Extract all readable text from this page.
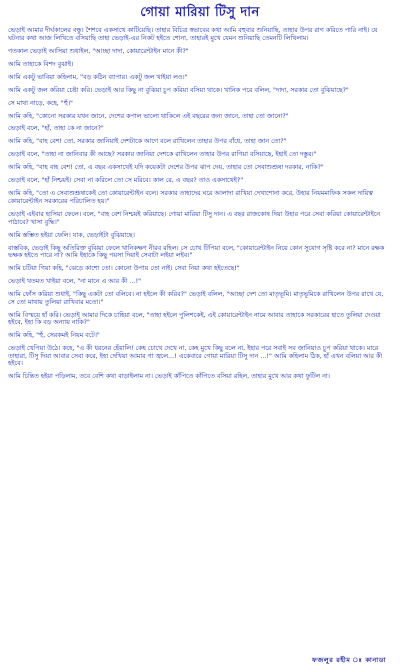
গোয়া মারিয়া টিসু দান

ভেড়াই আমার দীর্ঘকালের বন্ধু। শৈশবে একসাথে কাটিয়েছি। তাহার বিচিত্র স্বভাবের কথা আমি বহুবার শুনিয়াছি, তাহার উপর রাগ করিতে পারি নাই। যে ঘটনার কথা আজ লিখিতে বসিয়াছি তাহা ভেড়াই-এর নিকট হইতে শোনা, তাহারই মুখে যেমন শুনিয়াছি তেমনটি লিখিলাম।

গতকাল ভেড়াই আসিয়া শুধাইল, "আচ্ছা দাদা, কোয়ারেন্টাইন মানে কী?"

আমি তাহাকে বিশদ বুঝাই।

আমি একটু ভাবিয়া কহিলাম, "বড় কঠিন ব্যাপার। একটু জল খাইয়া লও।"

আমি একটু জল করিয়া চেষ্টা করি। ভেড়াই আর কিছু না বুঝিয়া চুপ করিয়া বসিয়া থাকে। খানিক পরে বলিল, "দাদা, সরকার তো বুঝিয়াছে?"

সে মাথা নাড়ে, কহে, "হুঁ।"

আমি কহি, "কোনো সরকার যখন জানে, দেশের কপাল ভালো থাকিলে এই বছরের জন্য জানে, তাহা তো জানো?"

ভেড়াই বলে, "হাঁ, তাহা কে না জানে?"

আমি কহি, "বাহ বেশ! তো, সরকার জানিয়াই দেশটাকে আগে বলে রাখিলেন তাহার উপর বাঁধে, তাহা জান তো?"

ভেড়াই বলে, "তাহা না জানিবার কী আছে? সরকার জানিয়া দেশকে রাখিলেন তাহার উপর রাগিয়া বসিয়াছে, ইহাই তো দস্তুর।"

আমি কহি, "বাহ বাহ বেশ! তো, এ বছর একসাথেই যদি কয়েকটা দেশের উপর ঝাপ দেয়, তাহার তো সেবাশুশ্রূষা দরকার, নাকি?"

ভেড়াই বলে, "হাঁ নিশ্চয়ই। সেবা না করিলে তো সে মরিবে। কাল রে, এ বছর? তাও একসাথেই?"

আমি কহি, "তো এ সেবাশুশ্রূষাকেই তো কোয়ারেন্টাইন বলে। সরকার তাহাদের ঘরে আলাদা রাখিয়া দেখাশোনা করে, উহার নিয়মমাফিক সকল দায়িত্ব কোয়ারেন্টাইন সরকারের পরিচালিত হয়।"

ভেড়াই এইবার হাসিয়া ফেলে। বলে, "বাহ বেশ নিশ্চয়ই করিয়াছে। গোয়া মারিয়া টিসু দান। এ বছর রাজকোষ দিয়া উহার পরে সেবা করিয়া কোয়ারেন্টাইনে পাঠাবে? খাসা বুদ্ধি।"

আমি স্তম্ভিত হইয়া ফেলি। যাক, ভেড়াইটা বুঝিয়াছে।

বাস্তবিক, ভেড়াই কিছু অতিরিক্ত বুঝিয়া ফেলে খানিকক্ষণ নীরব রহিল। সে চোখ টিপিয়া বলে, "কোয়ারেন্টাইন নিয়ে কোন সুযোগ সৃষ্টি করে না? মানে রক্ষক ভক্ষক হইতে পারে না? আমি ইহাকে কিছু পয়সা দিয়াই সেবাটা লইয়া লইব।"

আমি চটিয়া গিয়া কহি, "ঝেড়ে কাশো তো। কোনো উপায় তো নাই। সেবা নিয়া কথা হইতেছে!"

ভেড়াই থতমত খাইয়া বলে, "না মানে এ আর কী …!"

আমি ফোঁস করিয়া শুধাই, "কিছু একটা তো বলিবে। না হইলে কী করিব?" ভেড়াই বলিল, "আচ্ছা দেশ তো মাতৃভূমি। মাতৃভূমিকে রাখিলেন উপর রাখে যে, সে তো মাথায় তুলিয়া রাখিবার মতো।"

আমি বিস্ময়ে হাঁ করি। ভেড়াই আমার দিকে চাহিয়া বলে, "তাহা হইলে পুলিশকেই, এই কোয়ারেন্টাইন নামে আবার তাহাকে সরকারের হাতে তুলিয়া দেওয়া হইবে, ইহা কি বড় অন্যায় নাকি?"

আমি কহি, "হুঁ, সেরকমই নিয়ম বটে।"

ভেড়াই খেপিয়া উঠে। কহে, "এ কী ধরনের হেঁয়ালি! কেহ চোখে দেখে না, কেহ মুখে কিছু বলে না, ইহার পরে সবাই সব জানিয়াও চুপ করিয়া থাকে। মারে তাহারা, টিসু দিয়া আবার সেবা করে, ইহা দেখিয়া আমার গা জ্বলে…! একেবারে গোয়া মারিয়া টিসু দান …!" আমি কহিলাম ঠিক, হাঁ এখন বলিয়া আর কী হইবে।

আমি চিন্তিত হইয়া পড়িলাম, তবে বেশি কথা বাড়াইলাম না। ভেড়াই কাঁপিতে কাঁপিতে বসিয়া রহিল, তাহার মুখে আর কথা ফুটিল না।

ফজলুর রহীম ঃ কানাডা
